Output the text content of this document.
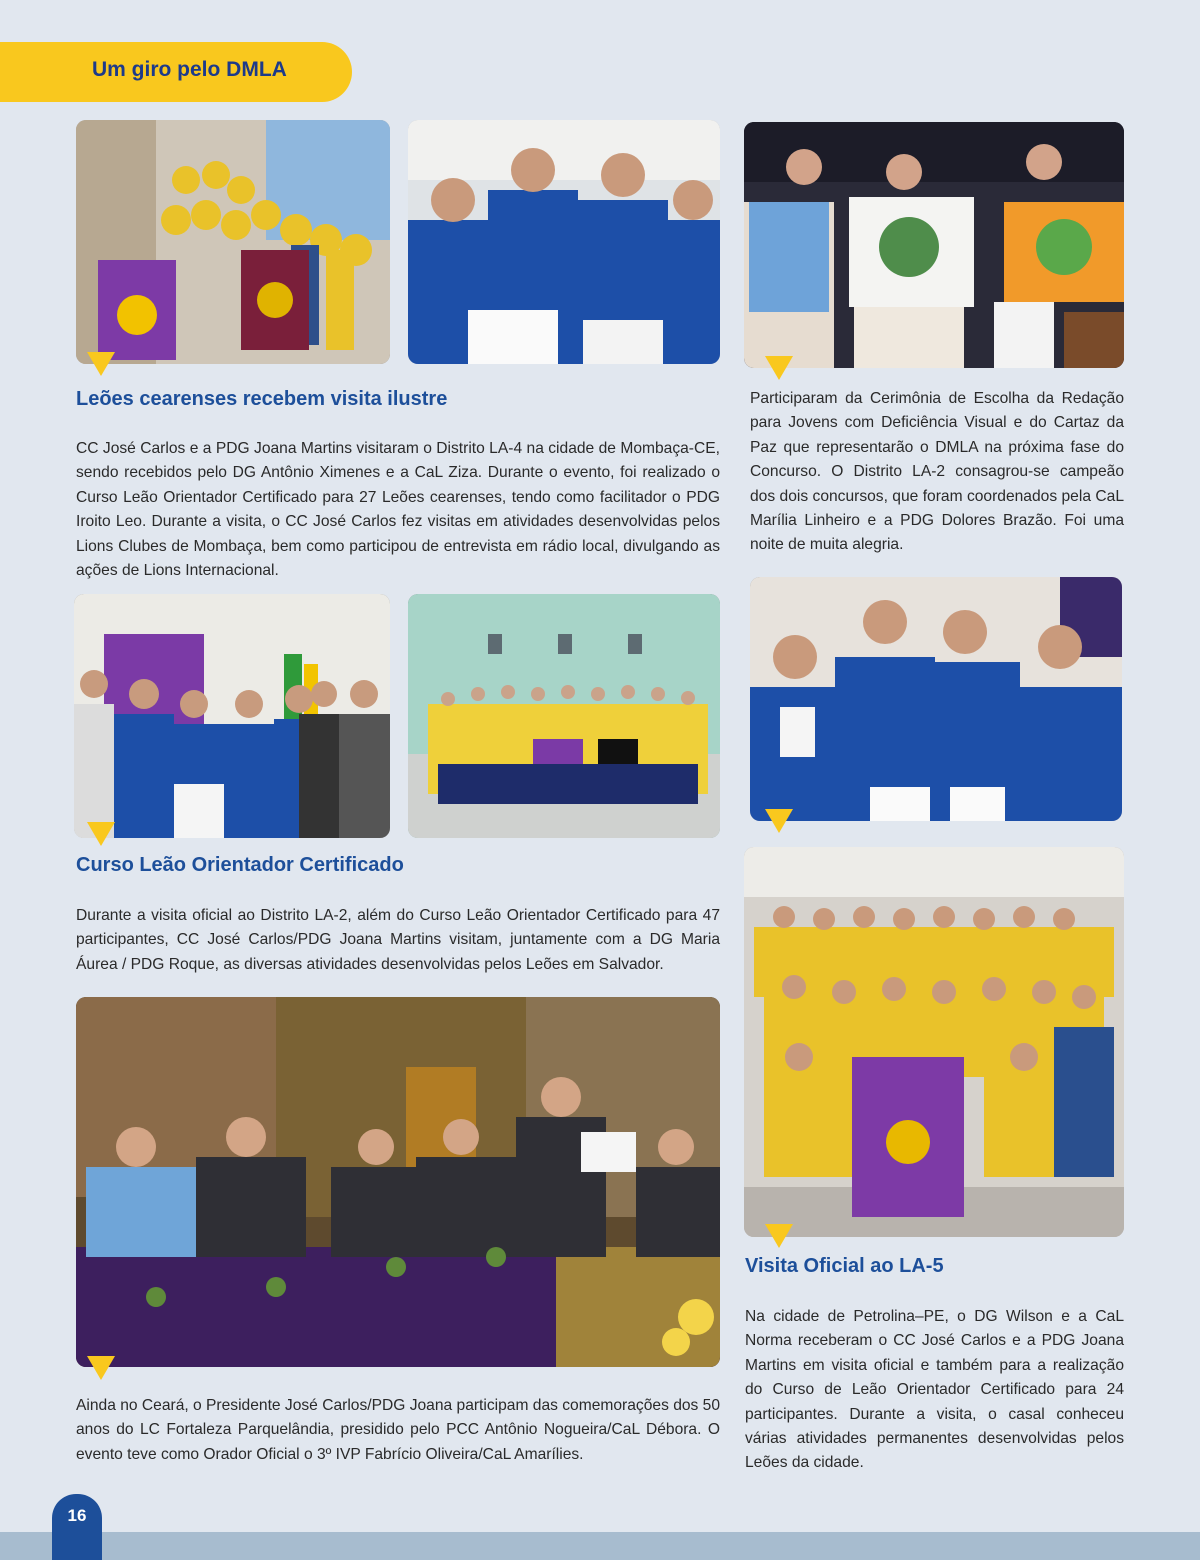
Um giro pelo DMLA
Leões cearenses recebem visita ilustre

CC José Carlos e a PDG Joana Martins visitaram o Distrito LA-4 na cidade de Mombaça-CE, sendo recebidos pelo DG Antônio Ximenes e a CaL Ziza. Durante o evento, foi realizado o Curso Leão Orientador Certificado para 27 Leões cearenses, tendo como facilitador o PDG Iroito Leo. Durante a visita, o CC José Carlos fez visitas em atividades desenvolvidas pelos Lions Clubes de Mombaça, bem como participou de entrevista em rádio local, divulgando as ações de Lions Internacional.

Participaram da Cerimônia de Escolha da Redação para Jovens com Deficiência Visual e do Cartaz da Paz que representarão o DMLA na próxima fase do Concurso. O Distrito LA-2 consagrou-se campeão dos dois concursos, que foram coordenados pela CaL Marília Linheiro e a PDG Dolores Brazão. Foi uma noite de muita alegria.

Curso Leão Orientador Certificado

Durante a visita oficial ao Distrito LA-2, além do Curso Leão Orientador Certificado para 47 participantes, CC José Carlos/PDG Joana Martins visitam, juntamente com a DG Maria Áurea / PDG Roque, as diversas atividades desenvolvidas pelos Leões em Salvador.

Visita Oficial ao LA-5

Na cidade de Petrolina–PE, o DG Wilson e a CaL Norma receberam o CC José Carlos e a PDG Joana Martins em visita oficial e também para a realização do Curso de Leão Orientador Certificado para 24 participantes. Durante a visita, o casal conheceu várias atividades permanentes desenvolvidas pelos Leões da cidade.

Ainda no Ceará, o Presidente José Carlos/PDG Joana participam das comemorações dos 50 anos do LC Fortaleza Parquelândia, presidido pelo PCC Antônio Nogueira/CaL Débora. O evento teve como Orador Oficial o 3º IVP Fabrício Oliveira/CaL Amarílies.

16
